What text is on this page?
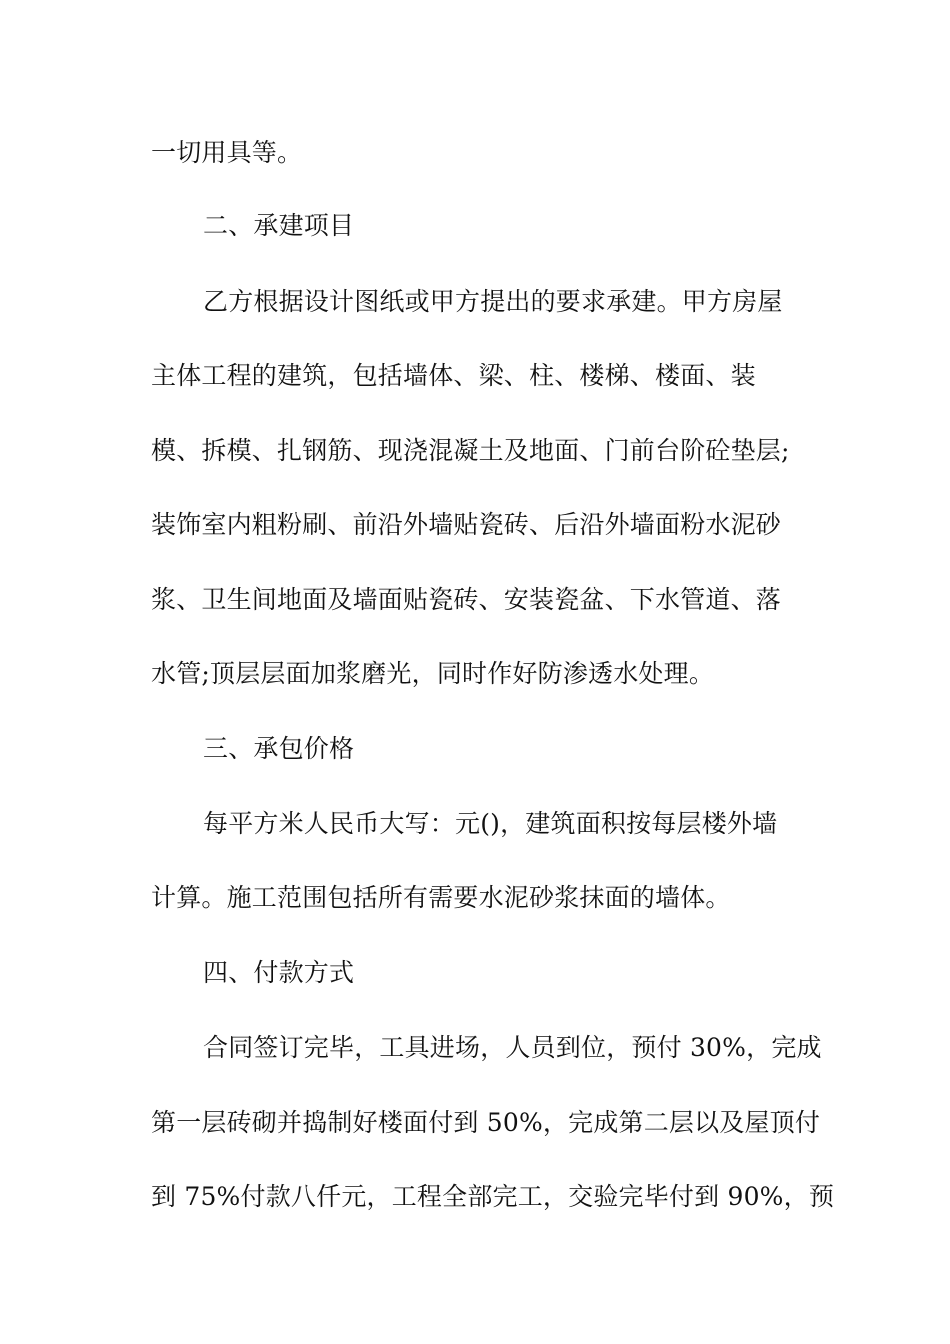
一切用具等。
二、承建项目
乙方根据设计图纸或甲方提出的要求承建。甲方房屋
主体工程的建筑，包括墙体、梁、柱、楼梯、楼面、装
模、拆模、扎钢筋、现浇混凝土及地面、门前台阶砼垫层;
装饰室内粗粉刷、前沿外墙贴瓷砖、后沿外墙面粉水泥砂
浆、卫生间地面及墙面贴瓷砖、安装瓷盆、下水管道、落
水管;顶层层面加浆磨光，同时作好防渗透水处理。
三、承包价格
每平方米人民币大写：元()，建筑面积按每层楼外墙
计算。施工范围包括所有需要水泥砂浆抹面的墙体。
四、付款方式
合同签订完毕，工具进场，人员到位，预付 30%，完成
第一层砖砌并捣制好楼面付到 50%，完成第二层以及屋顶付
到 75%付款八仟元，工程全部完工，交验完毕付到 90%，预
